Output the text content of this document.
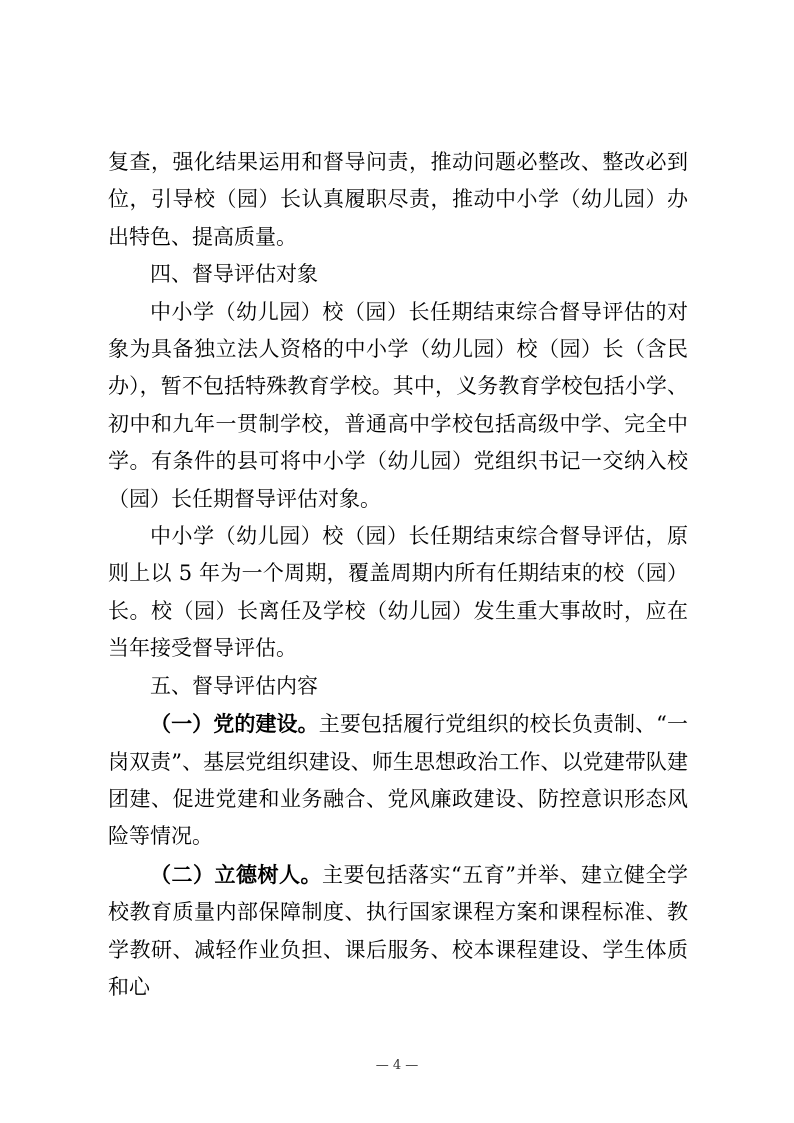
复查，强化结果运用和督导问责，推动问题必整改、整改必到位，引导校（园）长认真履职尽责，推动中小学（幼儿园）办出特色、提高质量。

四、督导评估对象

中小学（幼儿园）校（园）长任期结束综合督导评估的对象为具备独立法人资格的中小学（幼儿园）校（园）长（含民办），暂不包括特殊教育学校。其中，义务教育学校包括小学、初中和九年一贯制学校，普通高中学校包括高级中学、完全中学。有条件的县可将中小学（幼儿园）党组织书记一交纳入校（园）长任期督导评估对象。

中小学（幼儿园）校（园）长任期结束综合督导评估，原则上以 5 年为一个周期，覆盖周期内所有任期结束的校（园）长。校（园）长离任及学校（幼儿园）发生重大事故时，应在当年接受督导评估。

五、督导评估内容

（一）党的建设。主要包括履行党组织的校长负责制、“一岗双责”、基层党组织建设、师生思想政治工作、以党建带队建团建、促进党建和业务融合、党风廉政建设、防控意识形态风险等情况。

（二）立德树人。主要包括落实“五育”并举、建立健全学校教育质量内部保障制度、执行国家课程方案和课程标准、教学教研、减轻作业负担、课后服务、校本课程建设、学生体质和心

— 4 —
